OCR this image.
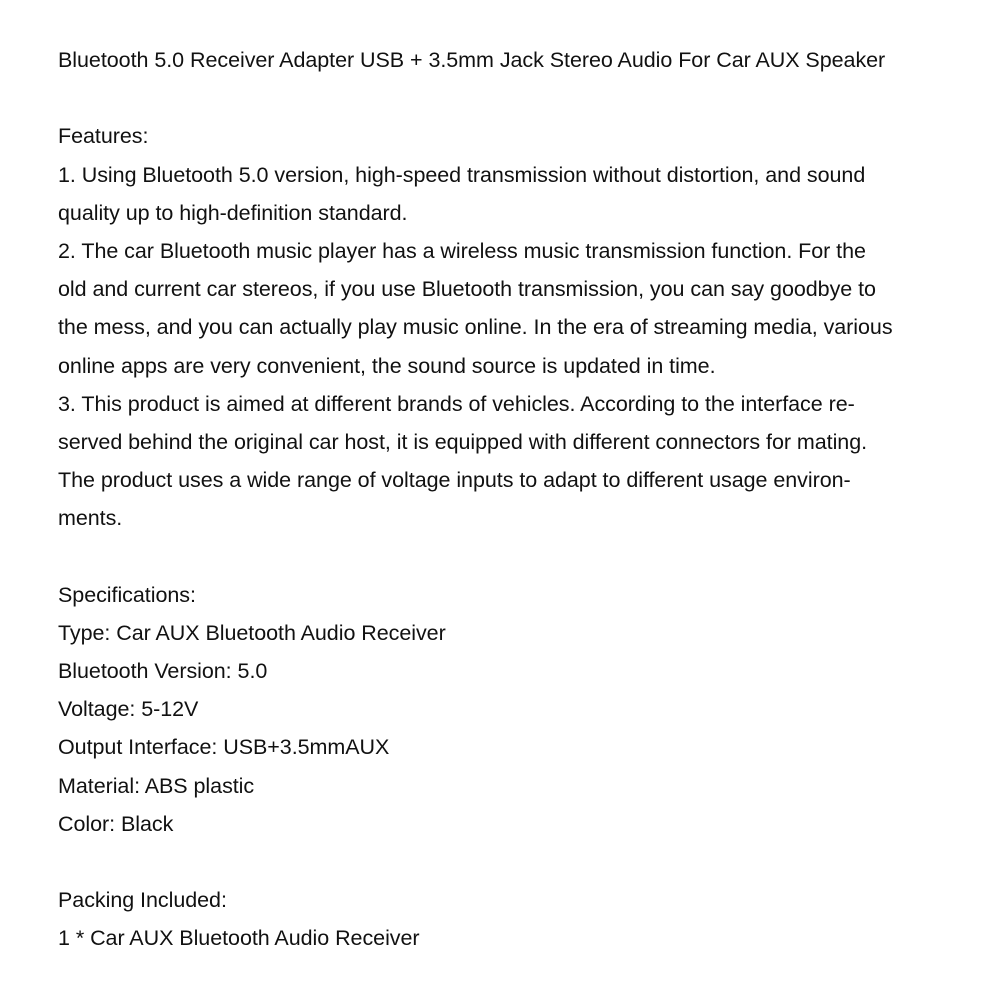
Bluetooth 5.0 Receiver Adapter USB + 3.5mm Jack Stereo Audio For Car AUX Speaker
Features:
1. Using Bluetooth 5.0 version, high-speed transmission without distortion, and sound
quality up to high-definition standard.
2. The car Bluetooth music player has a wireless music transmission function. For the
old and current car stereos, if you use Bluetooth transmission, you can say goodbye to
the mess, and you can actually play music online. In the era of streaming media, various
online apps are very convenient, the sound source is updated in time.
3. This product is aimed at different brands of vehicles. According to the interface re-
served behind the original car host, it is equipped with different connectors for mating.
The product uses a wide range of voltage inputs to adapt to different usage environ-
ments.
Specifications:
Type: Car AUX Bluetooth Audio Receiver
Bluetooth Version: 5.0
Voltage: 5-12V
Output Interface: USB+3.5mmAUX
Material: ABS plastic
Color: Black
Packing Included:
1 * Car AUX Bluetooth Audio Receiver
